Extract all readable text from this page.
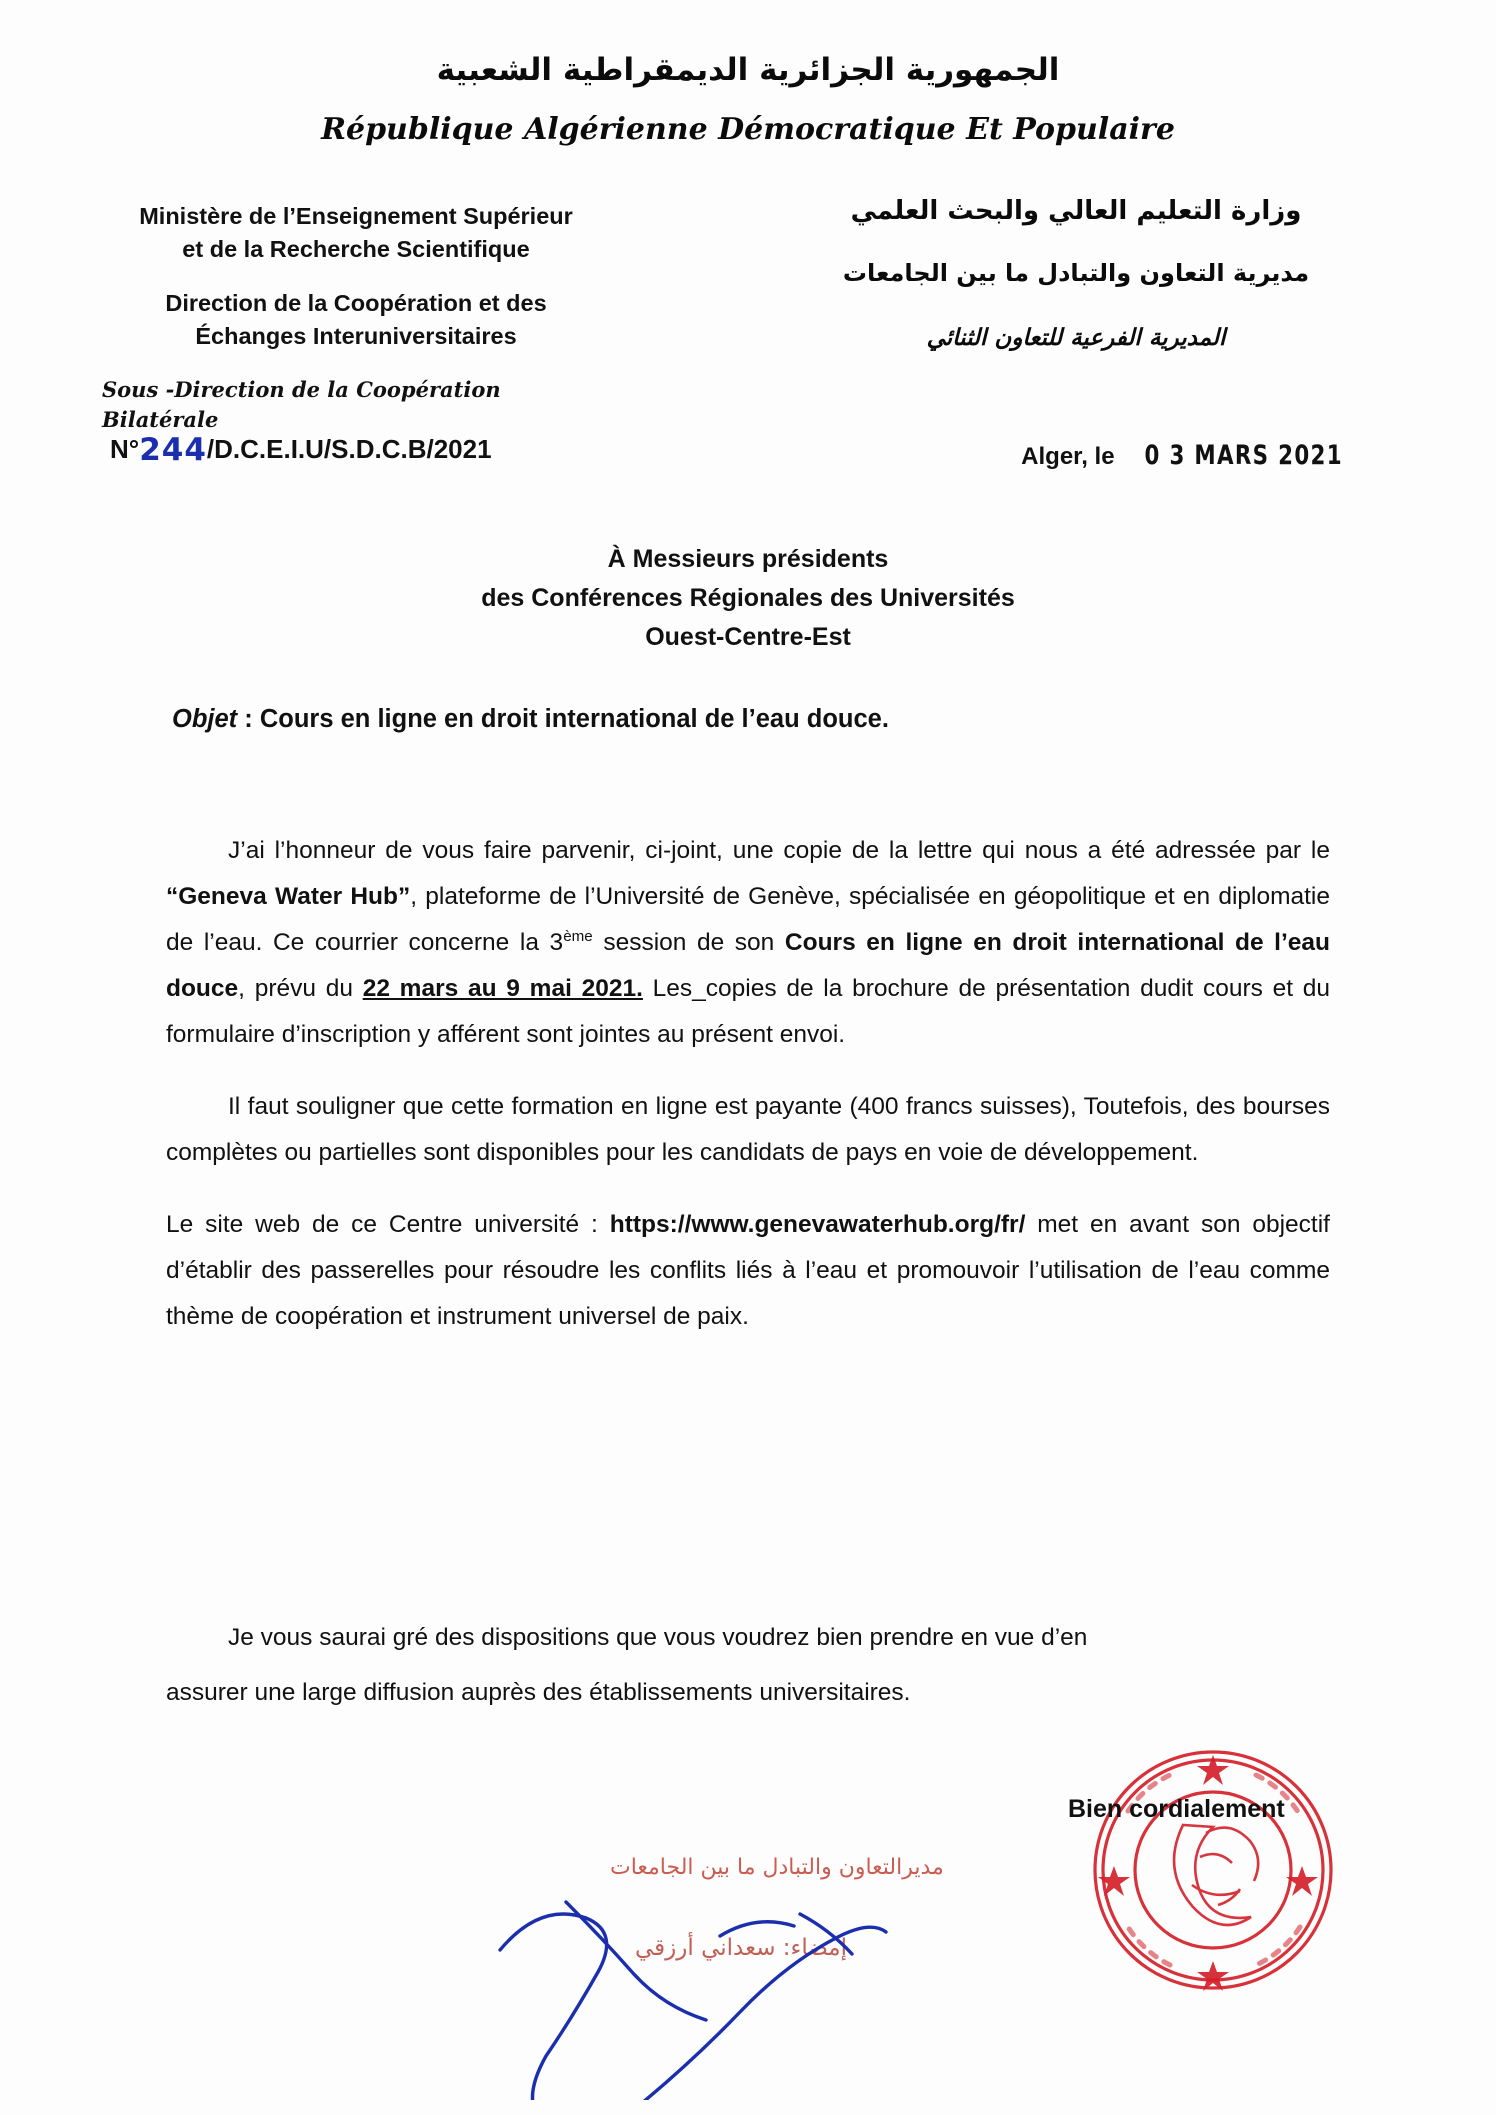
الجمهورية الجزائرية الديمقراطية الشعبية
République Algérienne Démocratique Et Populaire
Ministère de l’Enseignement Supérieur
et de la Recherche Scientifique
Direction de la Coopération et des
Échanges Interuniversitaires
Sous -Direction de la Coopération Bilatérale
N°244/D.C.E.I.U/S.D.C.B/2021
وزارة التعليم العالي والبحث العلمي
مديرية التعاون والتبادل ما بين الجامعات
المديرية الفرعية للتعاون الثنائي
Alger, le 0 3 MARS 2021
À Messieurs présidents
des Conférences Régionales des Universités
Ouest-Centre-Est
Objet : Cours en ligne en droit international de l’eau douce.

J’ai l’honneur de vous faire parvenir, ci-joint, une copie de la lettre qui nous a été adressée par le “Geneva Water Hub”, plateforme de l’Université de Genève, spécialisée en géopolitique et en diplomatie de l’eau. Ce courrier concerne la 3ème session de son Cours en ligne en droit international de l’eau douce, prévu du 22 mars au 9 mai 2021. Les_copies de la brochure de présentation dudit cours et du formulaire d’inscription y afférent sont jointes au présent envoi.

Il faut souligner que cette formation en ligne est payante (400 francs suisses), Toutefois, des bourses complètes ou partielles sont disponibles pour les candidats de pays en voie de développement.

Le site web de ce Centre université : https://www.genevawaterhub.org/fr/ met en avant son objectif d’établir des passerelles pour résoudre les conflits liés à l’eau et promouvoir l’utilisation de l’eau comme thème de coopération et instrument universel de paix.

Je vous saurai gré des dispositions que vous voudrez bien prendre en vue d’en

assurer une large diffusion auprès des établissements universitaires.

Bien cordialement
مديرالتعاون والتبادل ما بين الجامعات
إمضاء: سعداني أرزقي
